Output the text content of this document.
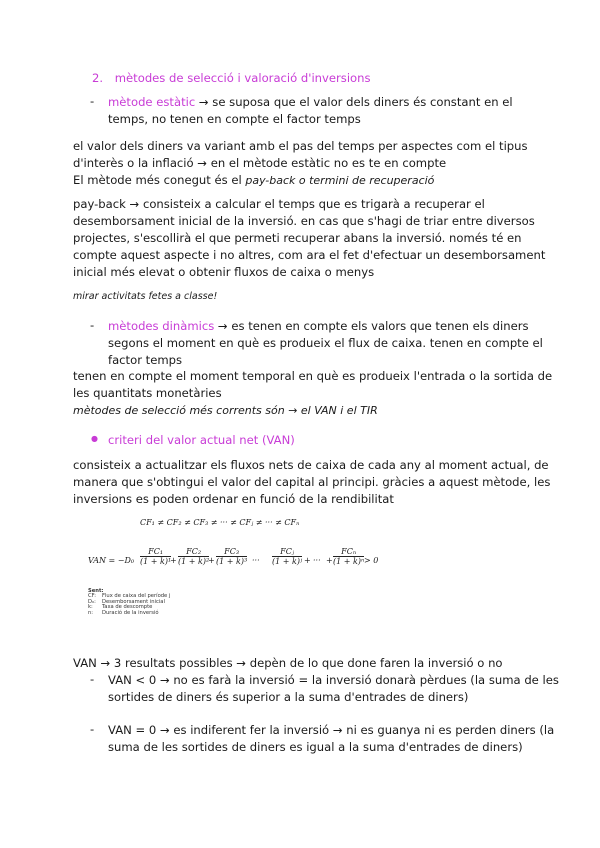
2. mètodes de selecció i valoració d'inversions
- mètode estàtic → se suposa que el valor dels diners és constant en el
temps, no tenen en compte el factor temps
el valor dels diners va variant amb el pas del temps per aspectes com el tipus
d'interès o la inflació → en el mètode estàtic no es te en compte
El mètode més conegut és el pay-back o termini de recuperació
pay-back → consisteix a calcular el temps que es trigarà a recuperar el
desemborsament inicial de la inversió. en cas que s'hagi de triar entre diversos
projectes, s'escollirà el que permeti recuperar abans la inversió. només té en
compte aquest aspecte i no altres, com ara el fet d'efectuar un desemborsament
inicial més elevat o obtenir fluxos de caixa o menys
mirar activitats fetes a classe!
- mètodes dinàmics → es tenen en compte els valors que tenen els diners
segons el moment en què es produeix el flux de caixa. tenen en compte el
factor temps
tenen en compte el moment temporal en què es produeix l'entrada o la sortida de
les quantitats monetàries
mètodes de selecció més corrents són → el VAN i el TIR
● criteri del valor actual net (VAN)
consisteix a actualitzar els fluxos nets de caixa de cada any al moment actual, de
manera que s'obtingui el valor del capital al principi. gràcies a aquest mètode, les
inversions es poden ordenar en funció de la rendibilitat
CF₁ ≠ CF₂ ≠ CF₃ ≠ ··· ≠ CFⱼ ≠ ··· ≠ CFₙ
VAN = $-D_0 \frac{\text{FC₁}}{\text{(1 + k)¹}}$
+ $\frac{\text{FC₂}}{\text{(1 + k)²}}$
+ $\frac{\text{FC₃}}{\text{(1 + k)³}}$ ···
FCⱼ
(1 + k)ʲ + ··· +
FCₙ
(1 + k)ⁿ > 0
Sent:
CF: Flux de caixa del període j
D₀: Desemborsament inicial
k: Taxa de descompte
n: Duració de la inversió
VAN → 3 resultats possibles → depèn de lo que done faren la inversió o no
- VAN < 0 → no es farà la inversió = la inversió donarà pèrdues (la suma de les
sortides de diners és superior a la suma d'entrades de diners)
- VAN = 0 → es indiferent fer la inversió → ni es guanya ni es perden diners (la
suma de les sortides de diners es igual a la suma d'entrades de diners)
